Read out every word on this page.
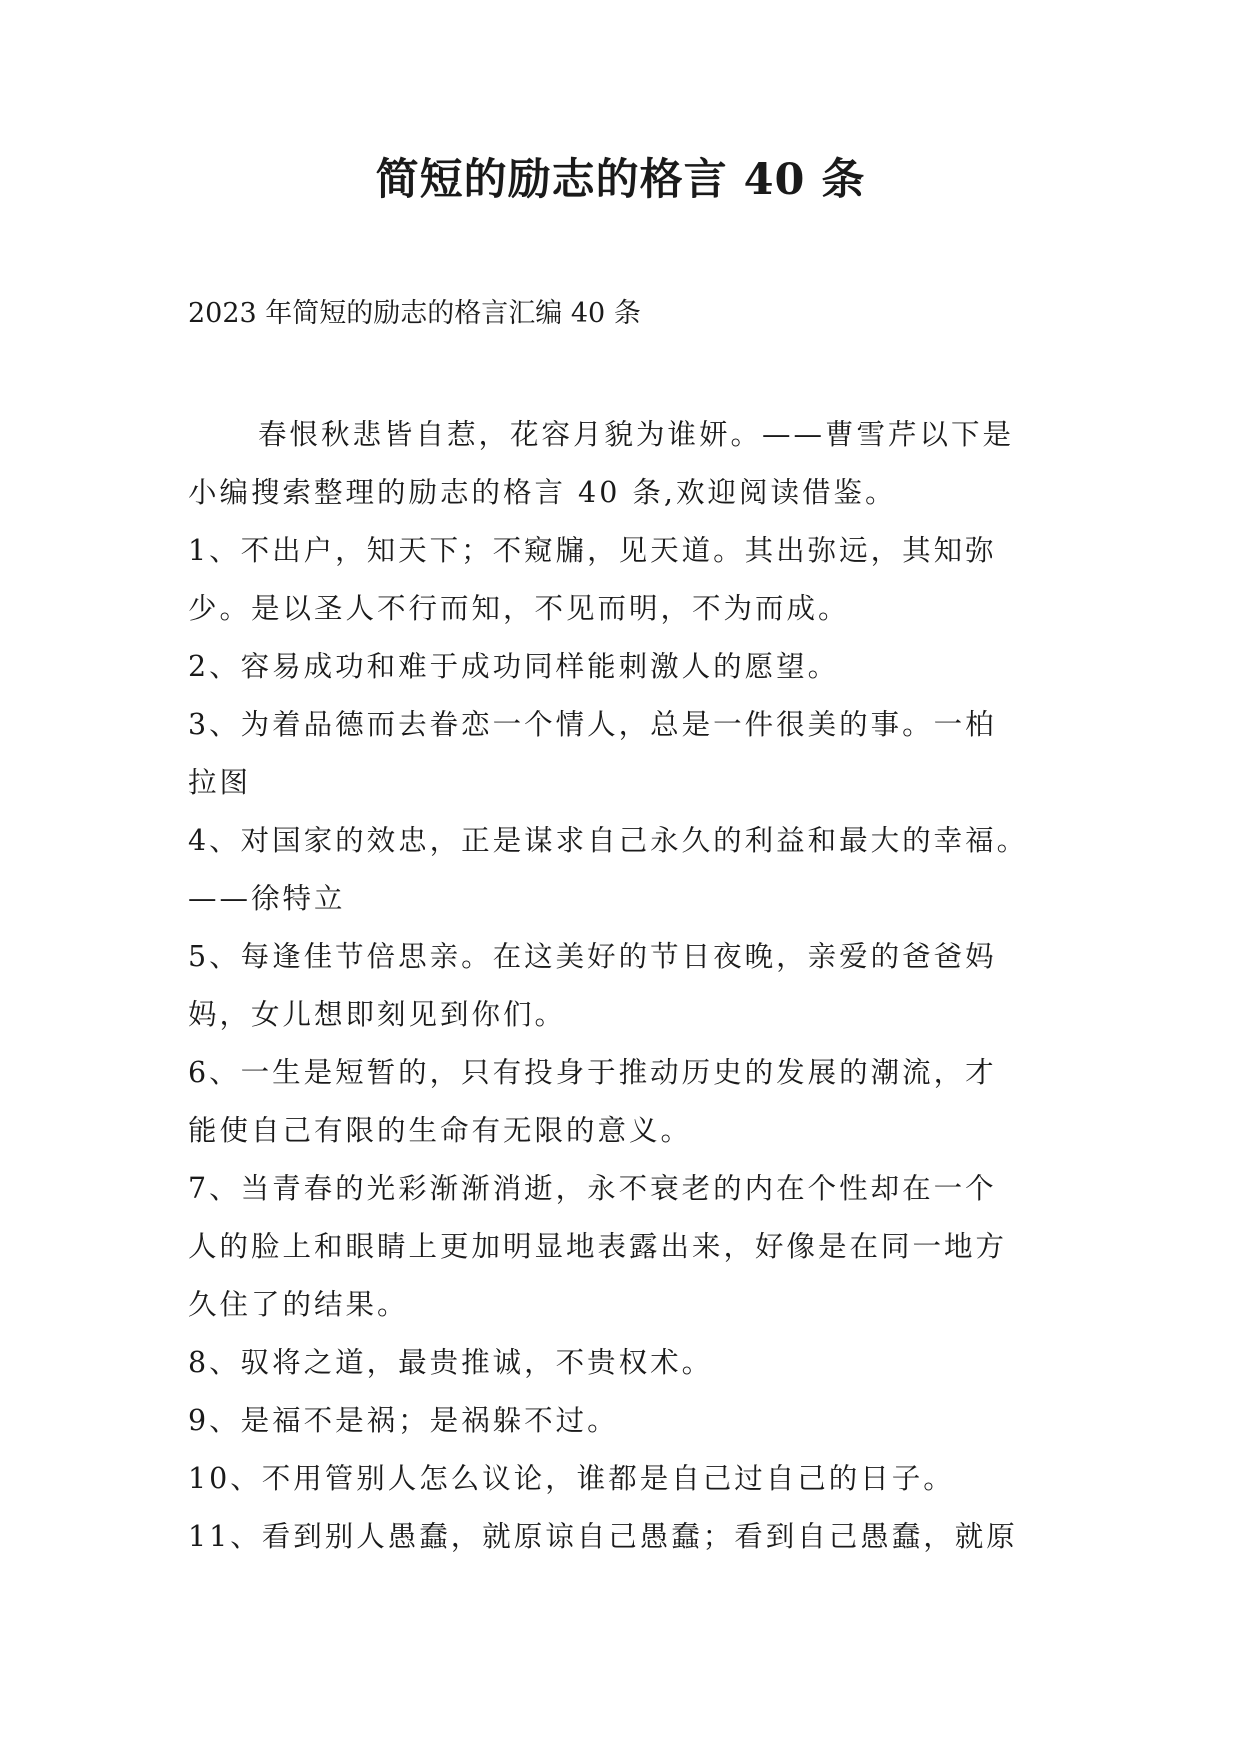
简短的励志的格言 40 条

2023 年简短的励志的格言汇编 40 条

春恨秋悲皆自惹，花容月貌为谁妍。——曹雪芹以下是

小编搜索整理的励志的格言 40 条,欢迎阅读借鉴。

1、不出户，知天下；不窥牖，见天道。其出弥远，其知弥

少。是以圣人不行而知，不见而明，不为而成。

2、容易成功和难于成功同样能刺激人的愿望。

3、为着品德而去眷恋一个情人，总是一件很美的事。一柏

拉图

4、对国家的效忠，正是谋求自己永久的利益和最大的幸福。

——徐特立

5、每逢佳节倍思亲。在这美好的节日夜晚，亲爱的爸爸妈

妈，女儿想即刻见到你们。

6、一生是短暂的，只有投身于推动历史的发展的潮流，才

能使自己有限的生命有无限的意义。

7、当青春的光彩渐渐消逝，永不衰老的内在个性却在一个

人的脸上和眼睛上更加明显地表露出来，好像是在同一地方

久住了的结果。

8、驭将之道，最贵推诚，不贵权术。

9、是福不是祸；是祸躲不过。

10、不用管别人怎么议论，谁都是自己过自己的日子。

11、看到别人愚蠢，就原谅自己愚蠢；看到自己愚蠢，就原
